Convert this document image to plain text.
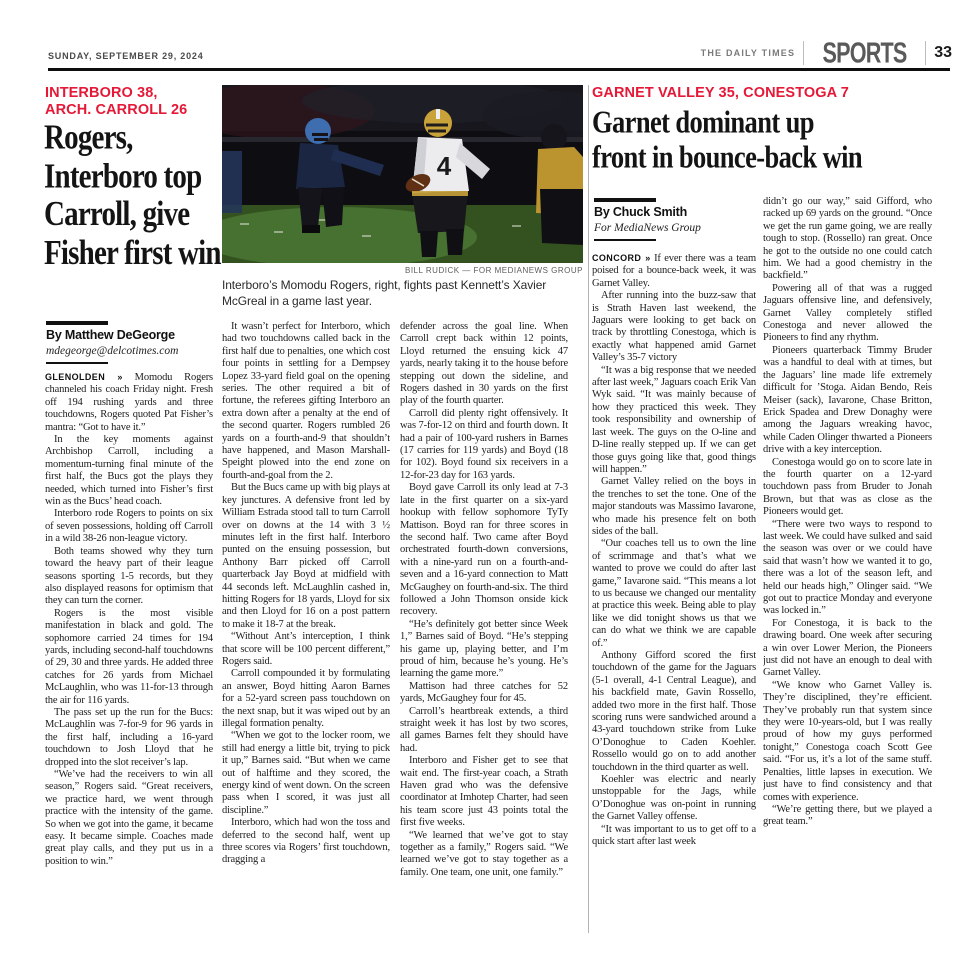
SUNDAY, SEPTEMBER 29, 2024	THE DAILY TIMES SPORTS 33
INTERBORO 38,
ARCH. CARROLL 26
Rogers, Interboro top Carroll, give Fisher first win
By Matthew DeGeorge
mdegeorge@delcotimes.com
4
BILL RUDICK — FOR MEDIANEWS GROUP
Interboro’s Momodu Rogers, right, fights past Kennett’s Xavier McGreal in a game last year.

GLENOLDEN » Momodu Rogers channeled his coach Friday night. Fresh off 194 rushing yards and three touchdowns, Rogers quoted Pat Fisher’s mantra: “Got to have it.”

In the key moments against Archbishop Carroll, including a momentum-turning final minute of the first half, the Bucs got the plays they needed, which turned into Fisher’s first win as the Bucs’ head coach.

Interboro rode Rogers to points on six of seven possessions, holding off Carroll in a wild 38-26 non-league victory.

Both teams showed why they turn toward the heavy part of their league seasons sporting 1-5 records, but they also displayed reasons for optimism that they can turn the corner.

Rogers is the most visible manifestation in black and gold. The sophomore carried 24 times for 194 yards, including second-half touchdowns of 29, 30 and three yards. He added three catches for 26 yards from Michael McLaughlin, who was 11-for-13 through the air for 116 yards.

The pass set up the run for the Bucs: McLaughlin was 7-for-9 for 96 yards in the first half, including a 16-yard touchdown to Josh Lloyd that he dropped into the slot receiver’s lap.

“We’ve had the receivers to win all season,” Rogers said. “Great receivers, we practice hard, we went through practice with the intensity of the game. So when we got into the game, it became easy. It became simple. Coaches made great play calls, and they put us in a position to win.”

It wasn’t perfect for Interboro, which had two touchdowns called back in the first half due to penalties, one which cost four points in settling for a Dempsey Lopez 33-yard field goal on the opening series. The other required a bit of fortune, the referees gifting Interboro an extra down after a penalty at the end of the second quarter. Rogers rumbled 26 yards on a fourth-and-9 that shouldn’t have happened, and Mason Marshall-Speight plowed into the end zone on fourth-and-goal from the 2.

But the Bucs came up with big plays at key junctures. A defensive front led by William Estrada stood tall to turn Carroll over on downs at the 14 with 3 ½ minutes left in the first half. Interboro punted on the ensuing possession, but Anthony Barr picked off Carroll quarterback Jay Boyd at midfield with 44 seconds left. McLaughlin cashed in, hitting Rogers for 18 yards, Lloyd for six and then Lloyd for 16 on a post pattern to make it 18-7 at the break.

“Without Ant’s interception, I think that score will be 100 percent different,” Rogers said.

Carroll compounded it by formulating an answer, Boyd hitting Aaron Barnes for a 52-yard screen pass touchdown on the next snap, but it was wiped out by an illegal formation penalty.

“When we got to the locker room, we still had energy a little bit, trying to pick it up,” Barnes said. “But when we came out of halftime and they scored, the energy kind of went down. On the screen pass when I scored, it was just all discipline.”

Interboro, which had won the toss and deferred to the second half, went up three scores via Rogers’ first touchdown, dragging a

defender across the goal line. When Carroll crept back within 12 points, Lloyd returned the ensuing kick 47 yards, nearly taking it to the house before stepping out down the sideline, and Rogers dashed in 30 yards on the first play of the fourth quarter.

Carroll did plenty right offensively. It was 7-for-12 on third and fourth down. It had a pair of 100-yard rushers in Barnes (17 carries for 119 yards) and Boyd (18 for 102). Boyd found six receivers in a 12-for-23 day for 163 yards.

Boyd gave Carroll its only lead at 7-3 late in the first quarter on a six-yard hookup with fellow sophomore TyTy Mattison. Boyd ran for three scores in the second half. Two came after Boyd orchestrated fourth-down conversions, with a nine-yard run on a fourth-and-seven and a 16-yard connection to Matt McGaughey on fourth-and-six. The third followed a John Thomson onside kick recovery.

“He’s definitely got better since Week 1,” Barnes said of Boyd. “He’s stepping his game up, playing better, and I’m proud of him, because he’s young. He’s learning the game more.”

Mattison had three catches for 52 yards, McGaughey four for 45.

Carroll’s heartbreak extends, a third straight week it has lost by two scores, all games Barnes felt they should have had.

Interboro and Fisher get to see that wait end. The first-year coach, a Strath Haven grad who was the defensive coordinator at Imhotep Charter, had seen his team score just 43 points total the first five weeks.

“We learned that we’ve got to stay together as a family,” Rogers said. “We learned we’ve got to stay together as a family. One team, one unit, one family.”

GARNET VALLEY 35, CONESTOGA 7
Garnet dominant up
front in bounce-back win
By Chuck Smith
For MediaNews Group

CONCORD » If ever there was a team poised for a bounce-back week, it was Garnet Valley.

After running into the buzz-saw that is Strath Haven last weekend, the Jaguars were looking to get back on track by throttling Conestoga, which is exactly what happened amid Garnet Valley’s 35-7 victory

“It was a big response that we needed after last week,” Jaguars coach Erik Van Wyk said. “It was mainly because of how they practiced this week. They took responsibility and ownership of last week. The guys on the O-line and D-line really stepped up. If we can get those guys going like that, good things will happen.”

Garnet Valley relied on the boys in the trenches to set the tone. One of the major standouts was Massimo Iavarone, who made his presence felt on both sides of the ball.

“Our coaches tell us to own the line of scrimmage and that’s what we wanted to prove we could do after last game,” Iavarone said. “This means a lot to us because we changed our mentality at practice this week. Being able to play like we did tonight shows us that we can do what we think we are capable of.”

Anthony Gifford scored the first touchdown of the game for the Jaguars (5-1 overall, 4-1 Central League), and his backfield mate, Gavin Rossello, added two more in the first half. Those scoring runs were sandwiched around a 43-yard touchdown strike from Luke O’Donoghue to Caden Koehler. Rossello would go on to add another touchdown in the third quarter as well.

Koehler was electric and nearly unstoppable for the Jags, while O’Donoghue was on-point in running the Garnet Valley offense.

“It was important to us to get off to a quick start after last week

didn’t go our way,” said Gifford, who racked up 69 yards on the ground. “Once we get the run game going, we are really tough to stop. (Rossello) ran great. Once he got to the outside no one could catch him. We had a good chemistry in the backfield.”

Powering all of that was a rugged Jaguars offensive line, and defensively, Garnet Valley completely stifled Conestoga and never allowed the Pioneers to find any rhythm.

Pioneers quarterback Timmy Bruder was a handful to deal with at times, but the Jaguars’ line made life extremely difficult for ’Stoga. Aidan Bendo, Reis Meiser (sack), Iavarone, Chase Britton, Erick Spadea and Drew Donaghy were among the Jaguars wreaking havoc, while Caden Olinger thwarted a Pioneers drive with a key interception.

Conestoga would go on to score late in the fourth quarter on a 12-yard touchdown pass from Bruder to Jonah Brown, but that was as close as the Pioneers would get.

“There were two ways to respond to last week. We could have sulked and said the season was over or we could have said that wasn’t how we wanted it to go, there was a lot of the season left, and held our heads high,” Olinger said. “We got out to practice Monday and everyone was locked in.”

For Conestoga, it is back to the drawing board. One week after securing a win over Lower Merion, the Pioneers just did not have an enough to deal with Garnet Valley.

“We know who Garnet Valley is. They’re disciplined, they’re efficient. They’ve probably run that system since they were 10-years-old, but I was really proud of how my guys performed tonight,” Conestoga coach Scott Gee said. “For us, it’s a lot of the same stuff. Penalties, little lapses in execution. We just have to find consistency and that comes with experience.

“We’re getting there, but we played a great team.”
